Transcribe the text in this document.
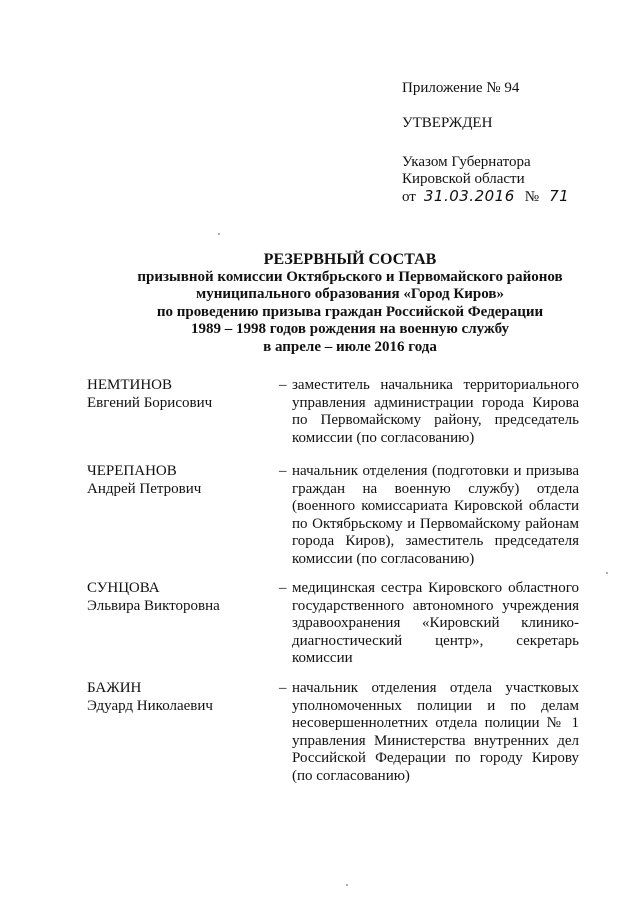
Приложение № 94
УТВЕРЖДЕН
Указом Губернатора
Кировской области
от 31.03.2016 № 71
РЕЗЕРВНЫЙ СОСТАВ
призывной комиссии Октябрьского и Первомайского районов
муниципального образования «Город Киров»
по проведению призыва граждан Российской Федерации
1989 – 1998 годов рождения на военную службу
в апреле – июле 2016 года
НЕМТИНОВ
Евгений Борисович
– заместитель начальника территориального управления администрации города Кирова по Первомайскому району, председатель комиссии (по согласованию)
ЧЕРЕПАНОВ
Андрей Петрович
– начальник отделения (подготовки и призыва граждан на военную службу) отдела (военного комиссариата Кировской области по Октябрьскому и Первомайскому районам города Киров), заместитель председателя комиссии (по согласованию)
СУНЦОВА
Эльвира Викторовна
– медицинская сестра Кировского областного государственного автономного учреждения здравоохранения «Кировский клинико-диагностический центр», секретарь комиссии
БАЖИН
Эдуард Николаевич
– начальник отделения отдела участковых уполномоченных полиции и по делам несовершеннолетних отдела полиции № 1 управления Министерства внутренних дел Российской Федерации по городу Кирову (по согласованию)
